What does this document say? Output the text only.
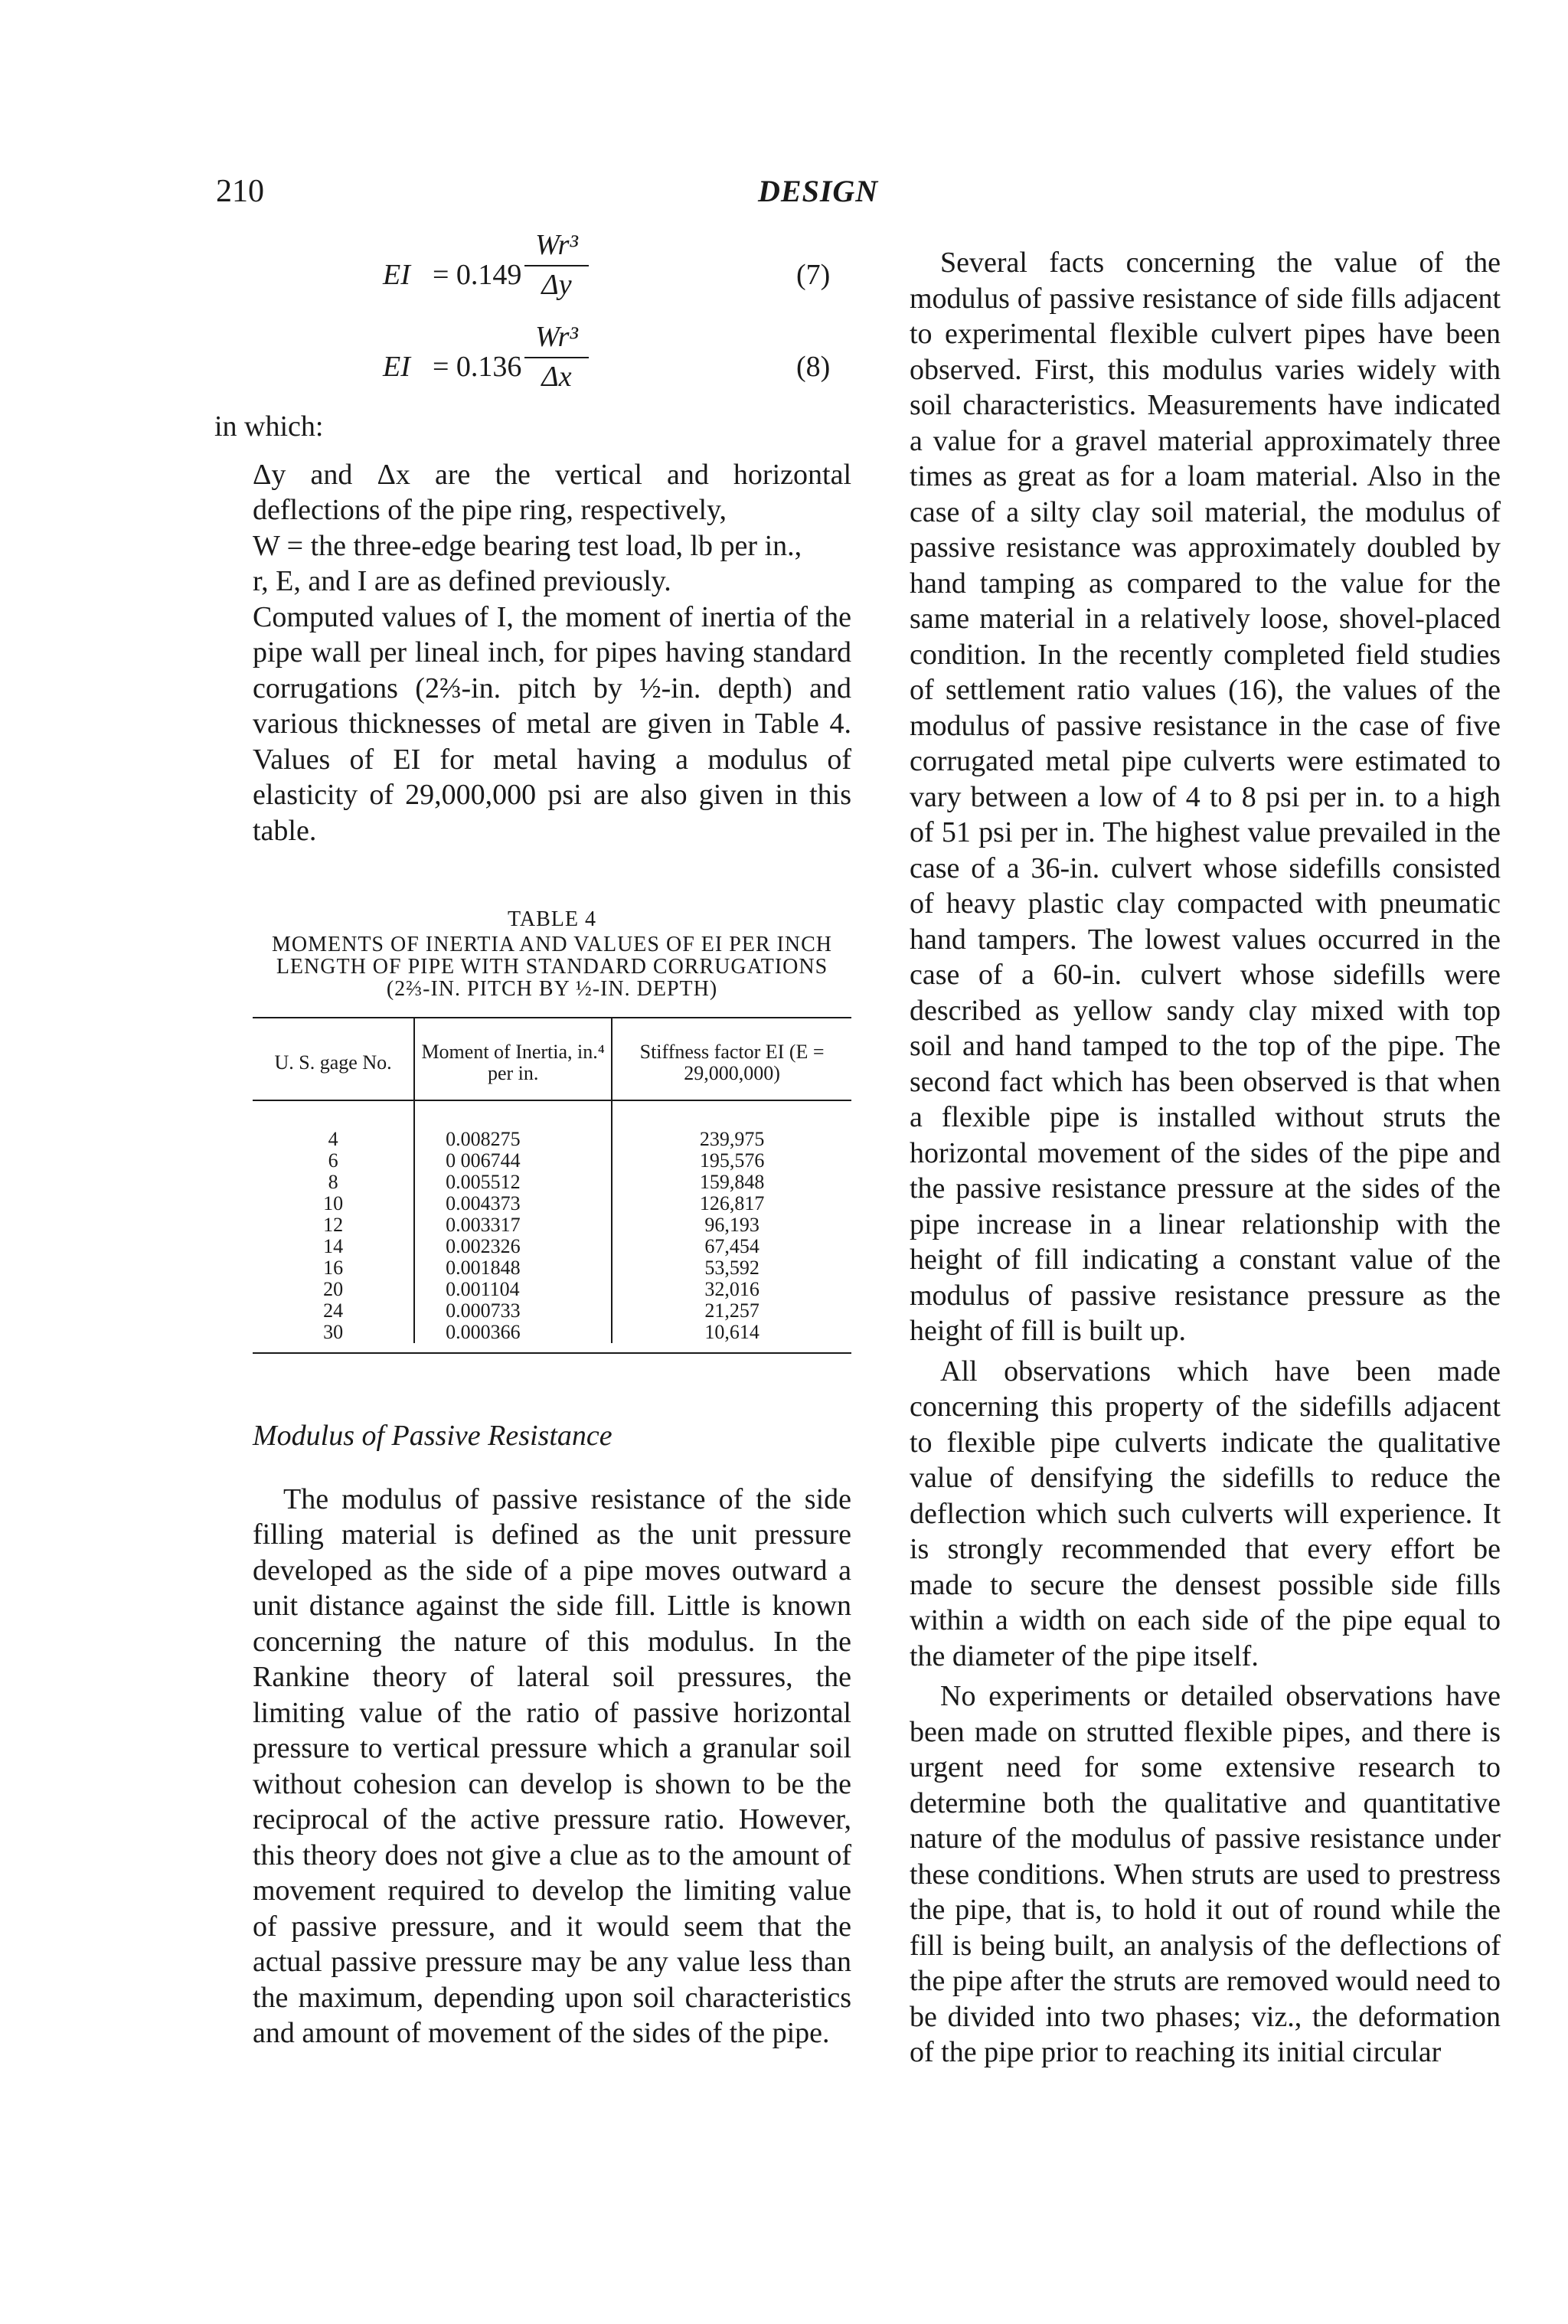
210	DESIGN
EI = 0.149
Wr³
Δy	(7)
EI = 0.136
Wr³
Δx	(8)

in which:

Δy and Δx are the vertical and horizontal deflections of the pipe ring, respectively,

W = the three-edge bearing test load, lb per in.,

r, E, and I are as defined previously.

Computed values of I, the moment of inertia of the pipe wall per lineal inch, for pipes having standard corrugations (2⅔-in. pitch by ½-in. depth) and various thicknesses of metal are given in Table 4. Values of EI for metal having a modulus of elasticity of 29,000,000 psi are also given in this table.

TABLE 4
MOMENTS OF INERTIA AND VALUES OF EI PER INCH LENGTH OF PIPE WITH STANDARD CORRUGATIONS (2⅔-IN. PITCH BY ½-IN. DEPTH)
U. S. gage No.	Moment of Inertia, in.⁴ per in.	Stiffness factor EI (E = 29,000,000)
4	0.008275	239,975
6	0 006744	195,576
8	0.005512	159,848
10	0.004373	126,817
12	0.003317	96,193
14	0.002326	67,454
16	0.001848	53,592
20	0.001104	32,016
24	0.000733	21,257
30	0.000366	10,614

Modulus of Passive Resistance

The modulus of passive resistance of the side filling material is defined as the unit pressure developed as the side of a pipe moves outward a unit distance against the side fill. Little is known concerning the nature of this modulus. In the Rankine theory of lateral soil pressures, the limiting value of the ratio of passive horizontal pressure to vertical pressure which a granular soil without cohesion can develop is shown to be the reciprocal of the active pressure ratio. However, this theory does not give a clue as to the amount of movement required to develop the limiting value of passive pressure, and it would seem that the actual passive pressure may be any value less than the maximum, depending upon soil characteristics and amount of movement of the sides of the pipe.

Several facts concerning the value of the modulus of passive resistance of side fills adjacent to experimental flexible culvert pipes have been observed. First, this modulus varies widely with soil characteristics. Measurements have indicated a value for a gravel material approximately three times as great as for a loam material. Also in the case of a silty clay soil material, the modulus of passive resistance was approximately doubled by hand tamping as compared to the value for the same material in a relatively loose, shovel-placed condition. In the recently completed field studies of settlement ratio values (16), the values of the modulus of passive resistance in the case of five corrugated metal pipe culverts were estimated to vary between a low of 4 to 8 psi per in. to a high of 51 psi per in. The highest value prevailed in the case of a 36-in. culvert whose sidefills consisted of heavy plastic clay compacted with pneumatic hand tampers. The lowest values occurred in the case of a 60-in. culvert whose sidefills were described as yellow sandy clay mixed with top soil and hand tamped to the top of the pipe. The second fact which has been observed is that when a flexible pipe is installed without struts the horizontal movement of the sides of the pipe and the passive resistance pressure at the sides of the pipe increase in a linear relationship with the height of fill indicating a constant value of the modulus of passive resistance pressure as the height of fill is built up.

All observations which have been made concerning this property of the sidefills adjacent to flexible pipe culverts indicate the qualitative value of densifying the sidefills to reduce the deflection which such culverts will experience. It is strongly recommended that every effort be made to secure the densest possible side fills within a width on each side of the pipe equal to the diameter of the pipe itself.

No experiments or detailed observations have been made on strutted flexible pipes, and there is urgent need for some extensive research to determine both the qualitative and quantitative nature of the modulus of passive resistance under these conditions. When struts are used to prestress the pipe, that is, to hold it out of round while the fill is being built, an analysis of the deflections of the pipe after the struts are removed would need to be divided into two phases; viz., the deformation of the pipe prior to reaching its initial circular
